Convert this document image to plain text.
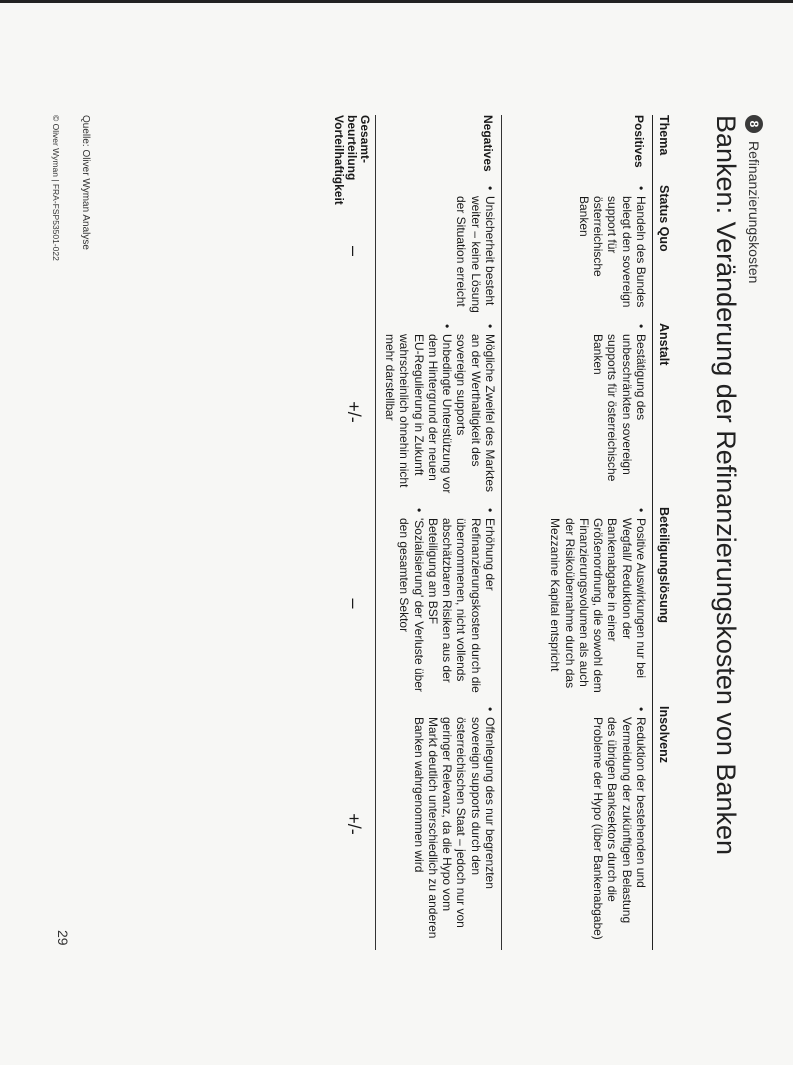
8
Refinanzierungskosten
Banken: Veränderung der Refinanzierungskosten von Banken
Thema
Status Quo
Anstalt
Beteiligungslösung
Insolvenz
Positives
• Handeln des Bundes belegt den sovereign support für österreichische Banken
• Bestätigung des unbeschränkten sovereign supports für österreichische Banken
• Positive Auswirkungen nur bei Wegfall/ Reduktion der Bankenabgabe in einer Größenordnung, die sowohl dem Finanzierungsvolumen als auch der Risikoübernahme durch das Mezzanine Kapital entspricht
• Reduktion der bestehenden und Vermeidung der zukünftigen Belastung des übrigen Banksektors durch die Probleme der Hypo (über Bankenabgabe)
Negatives
• Unsicherheit besteht weiter – keine Lösung der Situation erreicht
• Mögliche Zweifel des Marktes an der Werthaltigkeit des sovereign supports
• Unbedingte Unterstützung vor dem Hintergrund der neuen EU-Regulierung in Zukunft wahrscheinlich ohnehin nicht mehr darstellbar
• Erhöhung der Refinanzierungskosten durch die übernommenen, nicht vollends abschätzbaren Risiken aus der Beteiligung am BSF
• 'Sozialisierung' der Verluste über den gesamten Sektor
• Offenlegung des nur begrenzten sovereign supports durch den österreichischen Staat – jedoch nur von geringer Relevanz, da die Hypo vom Markt deutlich unterschiedlich zu anderen Banken wahrgenommen wird
Gesamt-
beurteilung
Vorteilhaftigkeit
–
+/-
–
+/-
Quelle: Oliver Wyman Analyse
© Oliver Wyman | FRA-FSP53501-022
29
